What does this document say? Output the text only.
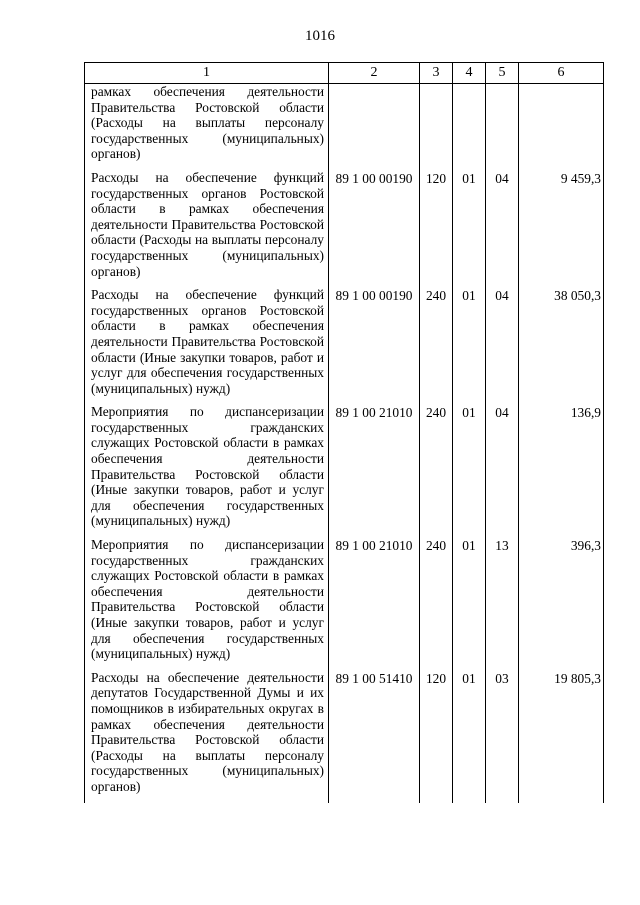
1016
1	2	3	4	5	6
рамках обеспечения деятельности Правительства Ростовской области (Расходы на выплаты персоналу государственных (муниципальных) органов)					
Расходы на обеспечение функций государственных органов Ростовской области в рамках обеспечения деятельности Правительства Ростовской области (Расходы на выплаты персоналу государственных (муниципальных) органов)	89 1 00 00190	120	01	04	9 459,3
Расходы на обеспечение функций государственных органов Ростовской области в рамках обеспечения деятельности Правительства Ростовской области (Иные закупки товаров, работ и услуг для обеспечения государственных (муниципальных) нужд)	89 1 00 00190	240	01	04	38 050,3
Мероприятия по диспансеризации государственных гражданских служащих Ростовской области в рамках обеспечения деятельности Правительства Ростовской области (Иные закупки товаров, работ и услуг для обеспечения государственных (муниципальных) нужд)	89 1 00 21010	240	01	04	136,9
Мероприятия по диспансеризации государственных гражданских служащих Ростовской области в рамках обеспечения деятельности Правительства Ростовской области (Иные закупки товаров, работ и услуг для обеспечения государственных (муниципальных) нужд)	89 1 00 21010	240	01	13	396,3
Расходы на обеспечение деятельности депутатов Государственной Думы и их помощников в избирательных округах в рамках обеспечения деятельности Правительства Ростовской области (Расходы на выплаты персоналу государственных (муниципальных) органов)	89 1 00 51410	120	01	03	19 805,3
